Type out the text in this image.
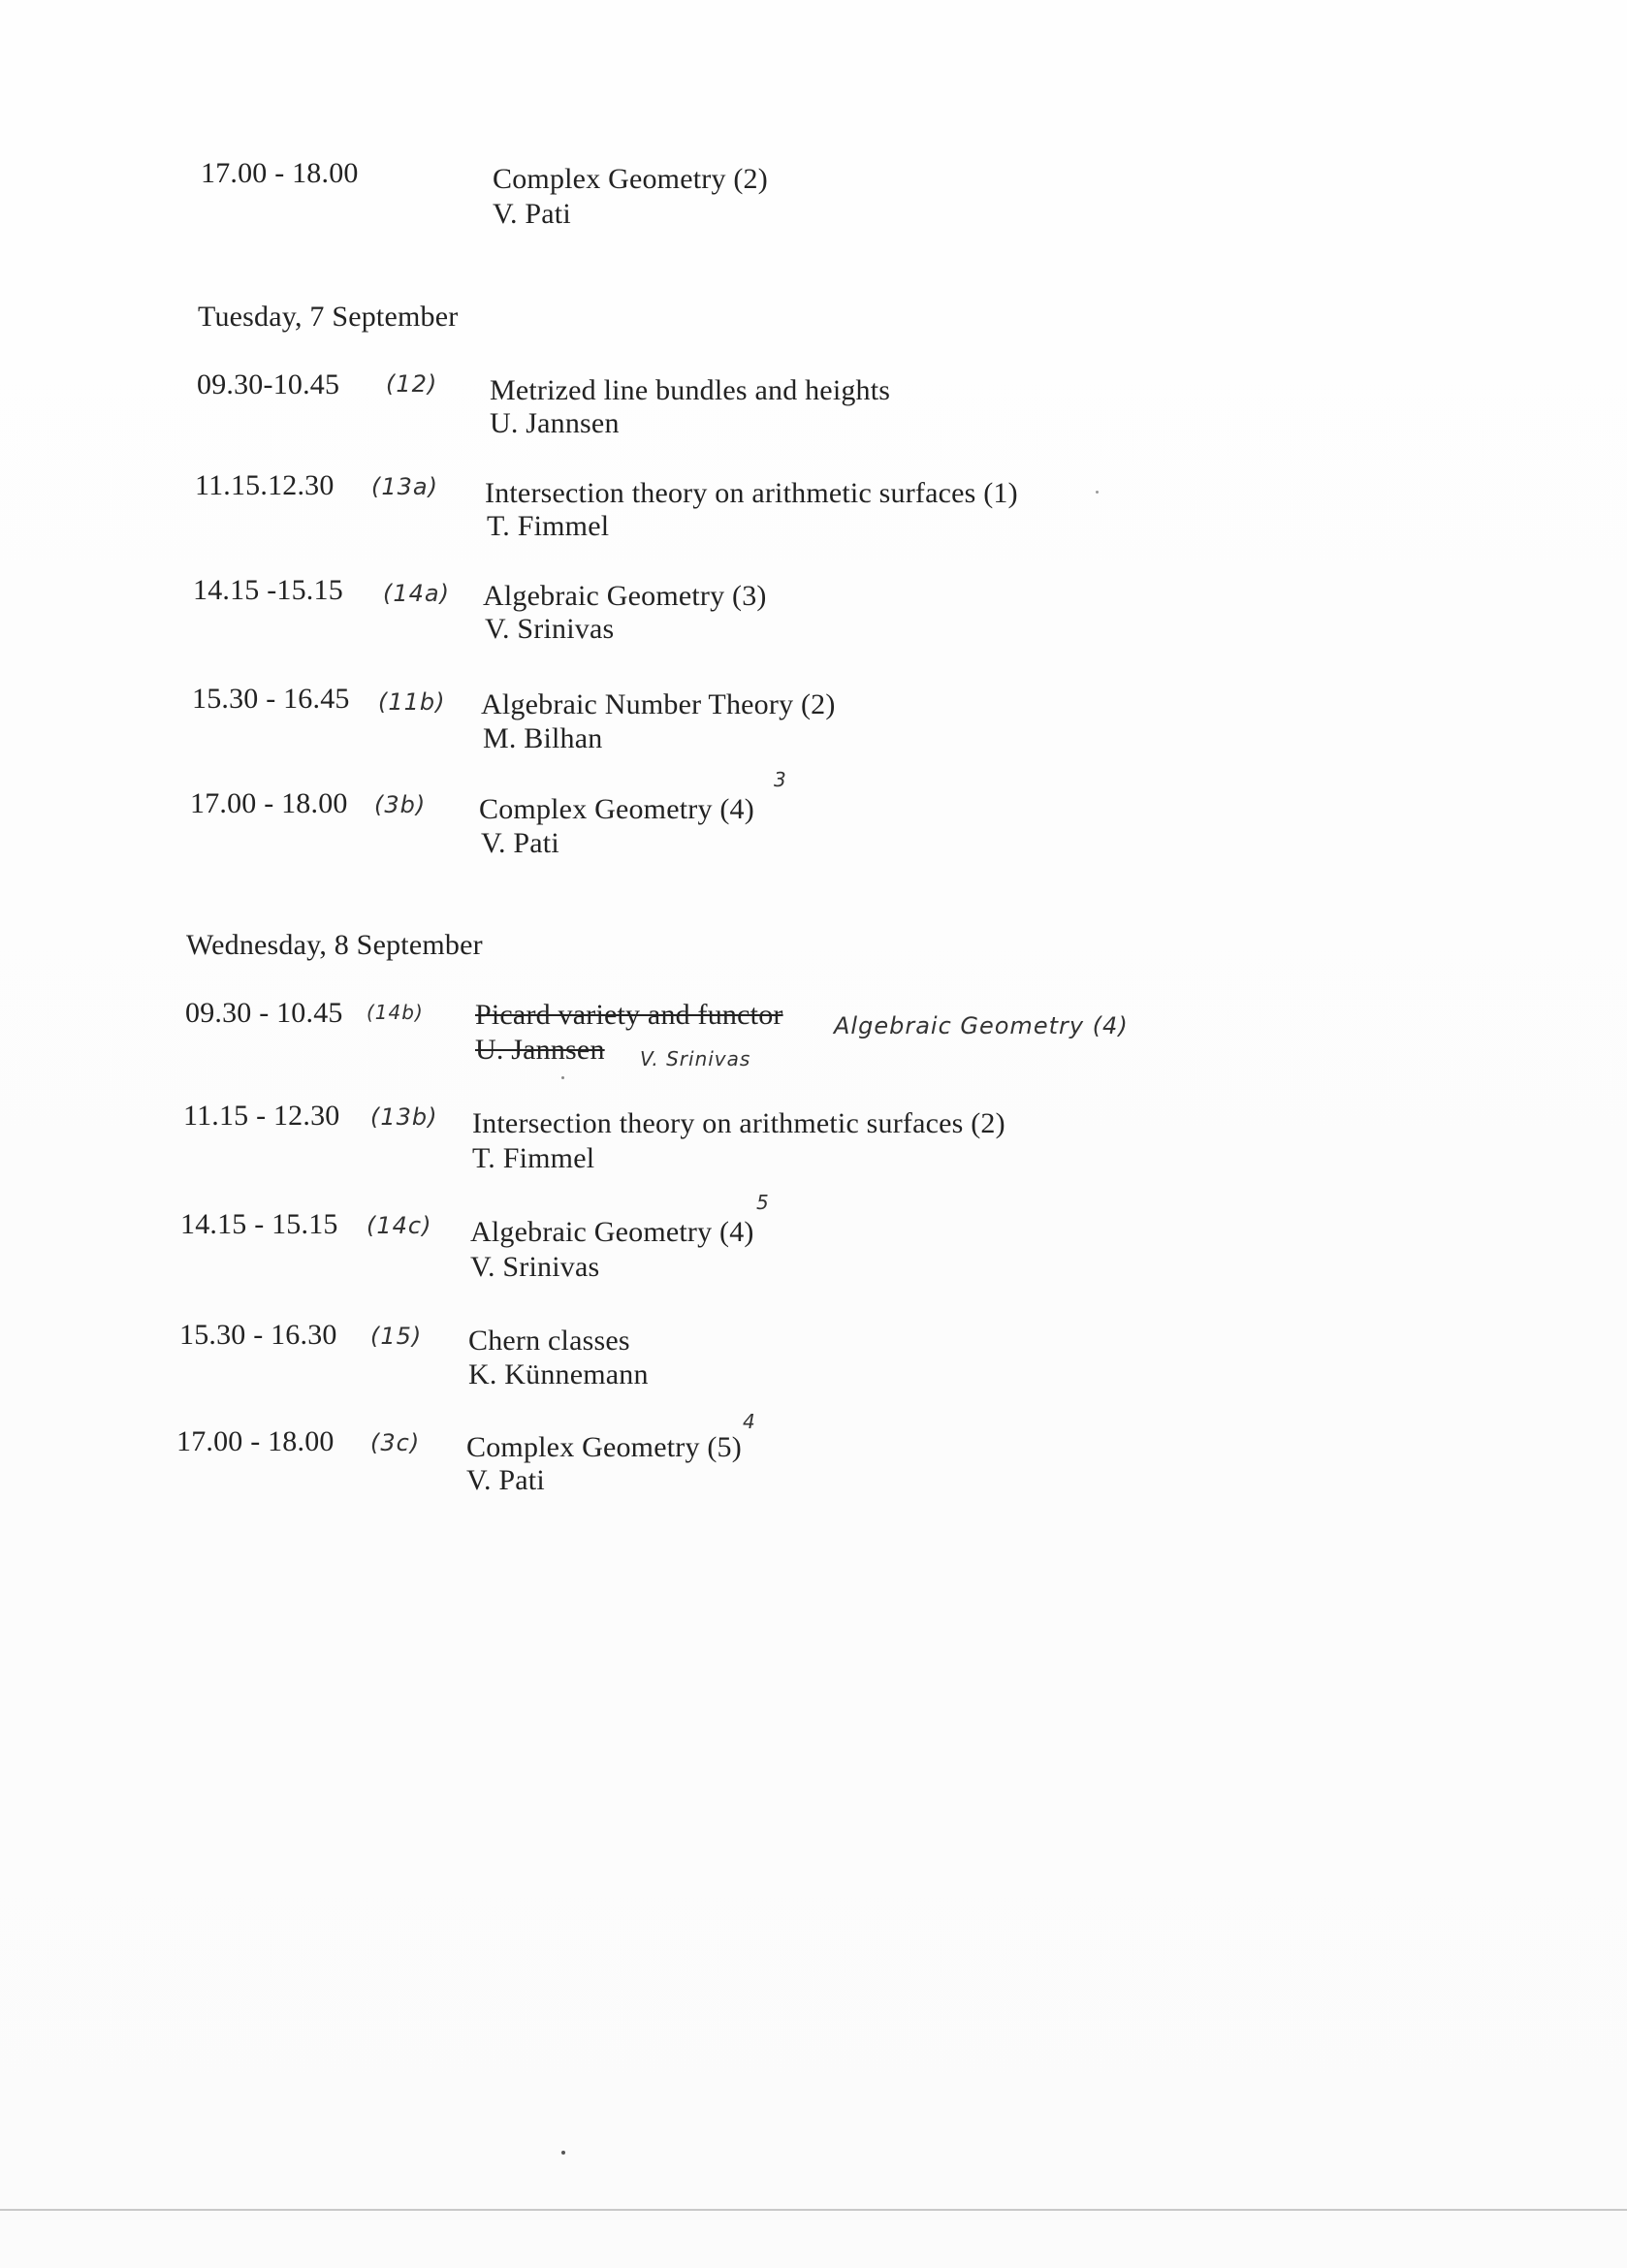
17.00 - 18.00	Complex Geometry (2)
V. Pati
Tuesday, 7 September
09.30-10.45 (12) Metrized line bundles and heights
U. Jannsen
11.15.12.30 (13a) Intersection theory on arithmetic surfaces (1)
T. Fimmel
14.15 -15.15 (14a) Algebraic Geometry (3)
V. Srinivas
15.30 - 16.45 (11b) Algebraic Number Theory (2)
M. Bilhan
3
17.00 - 18.00 (3b) Complex Geometry (4)
V. Pati
Wednesday, 8 September
09.30 - 10.45 (14b) Picard variety and functor Algebraic Geometry (4)
U. Jannsen V. Srinivas
11.15 - 12.30 (13b) Intersection theory on arithmetic surfaces (2)
T. Fimmel
5
14.15 - 15.15 (14c) Algebraic Geometry (4)
V. Srinivas
15.30 - 16.30 (15) Chern classes
K. Künnemann
4
17.00 - 18.00 (3c) Complex Geometry (5)
V. Pati
